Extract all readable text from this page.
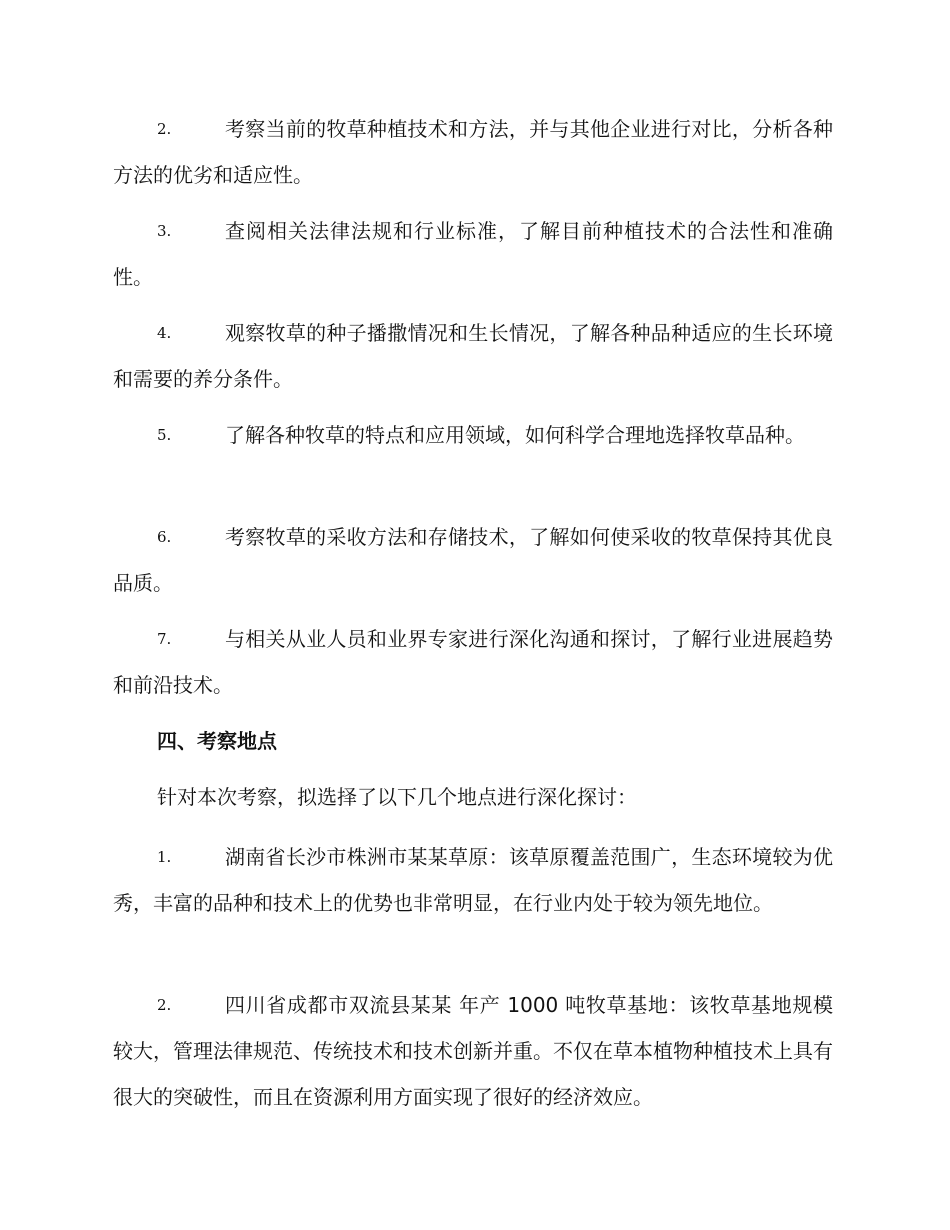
2.	考察当前的牧草种植技术和方法，并与其他企业进行对比，分析各种方法的优劣和适应性。
3.	查阅相关法律法规和行业标准，了解目前种植技术的合法性和准确性。
4.	观察牧草的种子播撒情况和生长情况，了解各种品种适应的生长环境和需要的养分条件。
5.	了解各种牧草的特点和应用领域，如何科学合理地选择牧草品种。
6.	考察牧草的采收方法和存储技术，了解如何使采收的牧草保持其优良品质。
7.	与相关从业人员和业界专家进行深化沟通和探讨，了解行业进展趋势和前沿技术。
四、考察地点
针对本次考察，拟选择了以下几个地点进行深化探讨：
1.	湖南省长沙市株洲市某某草原：该草原覆盖范围广，生态环境较为优秀，丰富的品种和技术上的优势也非常明显，在行业内处于较为领先地位。
2.	四川省成都市双流县某某 年产 1000 吨牧草基地：该牧草基地规模较大，管理法律规范、传统技术和技术创新并重。不仅在草本植物种植技术上具有很大的突破性，而且在资源利用方面实现了很好的经济效应。
